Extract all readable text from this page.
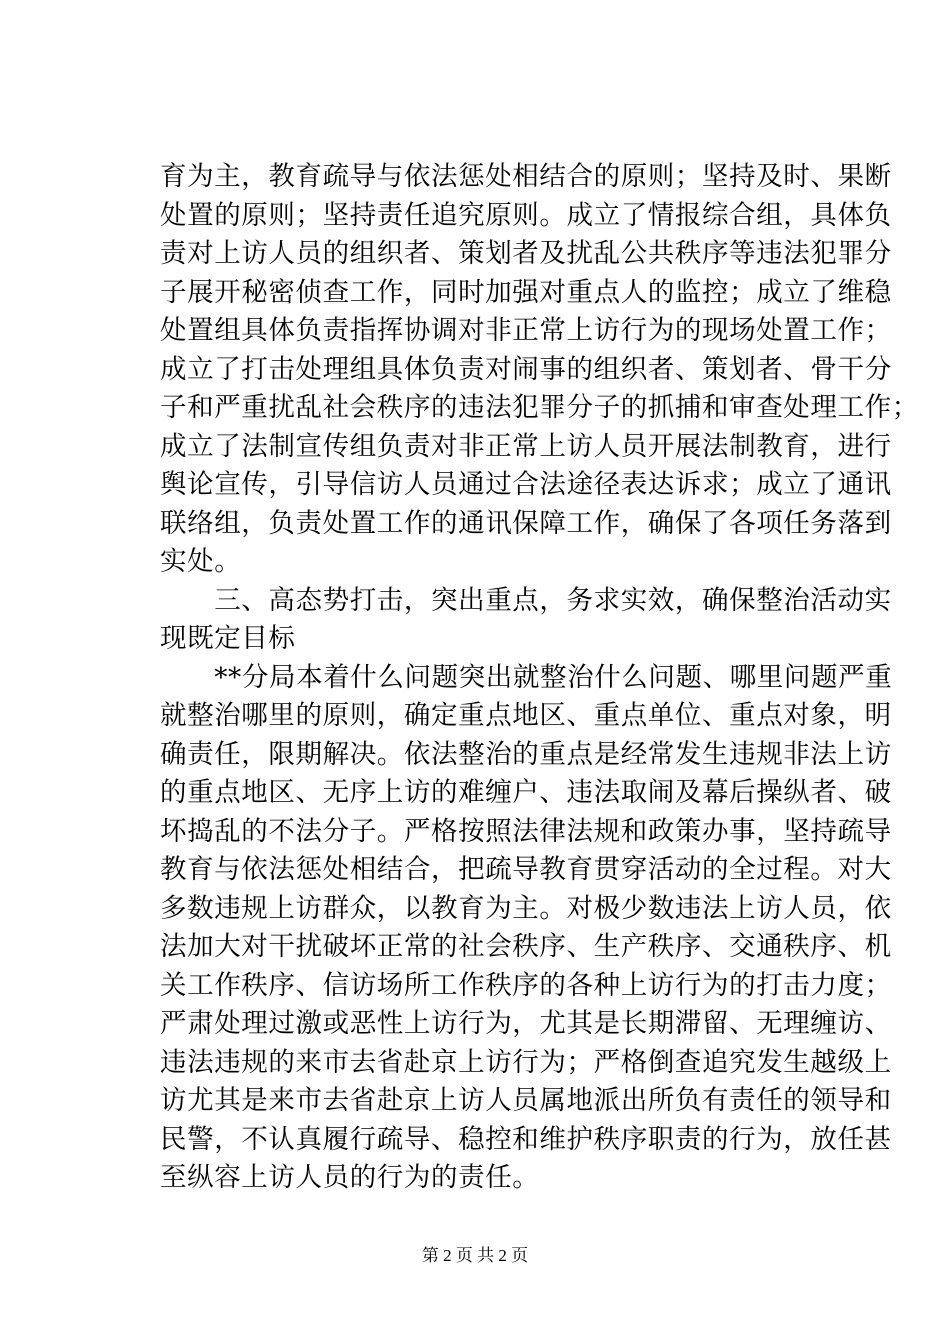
育为主，教育疏导与依法惩处相结合的原则；坚持及时、果断
处置的原则；坚持责任追究原则。成立了情报综合组，具体负
责对上访人员的组织者、策划者及扰乱公共秩序等违法犯罪分
子展开秘密侦查工作，同时加强对重点人的监控；成立了维稳
处置组具体负责指挥协调对非正常上访行为的现场处置工作；
成立了打击处理组具体负责对闹事的组织者、策划者、骨干分
子和严重扰乱社会秩序的违法犯罪分子的抓捕和审查处理工作；
成立了法制宣传组负责对非正常上访人员开展法制教育，进行
舆论宣传，引导信访人员通过合法途径表达诉求；成立了通讯
联络组，负责处置工作的通讯保障工作，确保了各项任务落到
实处。
　　三、高态势打击，突出重点，务求实效，确保整治活动实
现既定目标
　　**分局本着什么问题突出就整治什么问题、哪里问题严重
就整治哪里的原则，确定重点地区、重点单位、重点对象，明
确责任，限期解决。依法整治的重点是经常发生违规非法上访
的重点地区、无序上访的难缠户、违法取闹及幕后操纵者、破
坏捣乱的不法分子。严格按照法律法规和政策办事，坚持疏导
教育与依法惩处相结合，把疏导教育贯穿活动的全过程。对大
多数违规上访群众，以教育为主。对极少数违法上访人员，依
法加大对干扰破坏正常的社会秩序、生产秩序、交通秩序、机
关工作秩序、信访场所工作秩序的各种上访行为的打击力度；
严肃处理过激或恶性上访行为，尤其是长期滞留、无理缠访、
违法违规的来市去省赴京上访行为；严格倒查追究发生越级上
访尤其是来市去省赴京上访人员属地派出所负有责任的领导和
民警，不认真履行疏导、稳控和维护秩序职责的行为，放任甚
至纵容上访人员的行为的责任。
第 2 页 共 2 页
